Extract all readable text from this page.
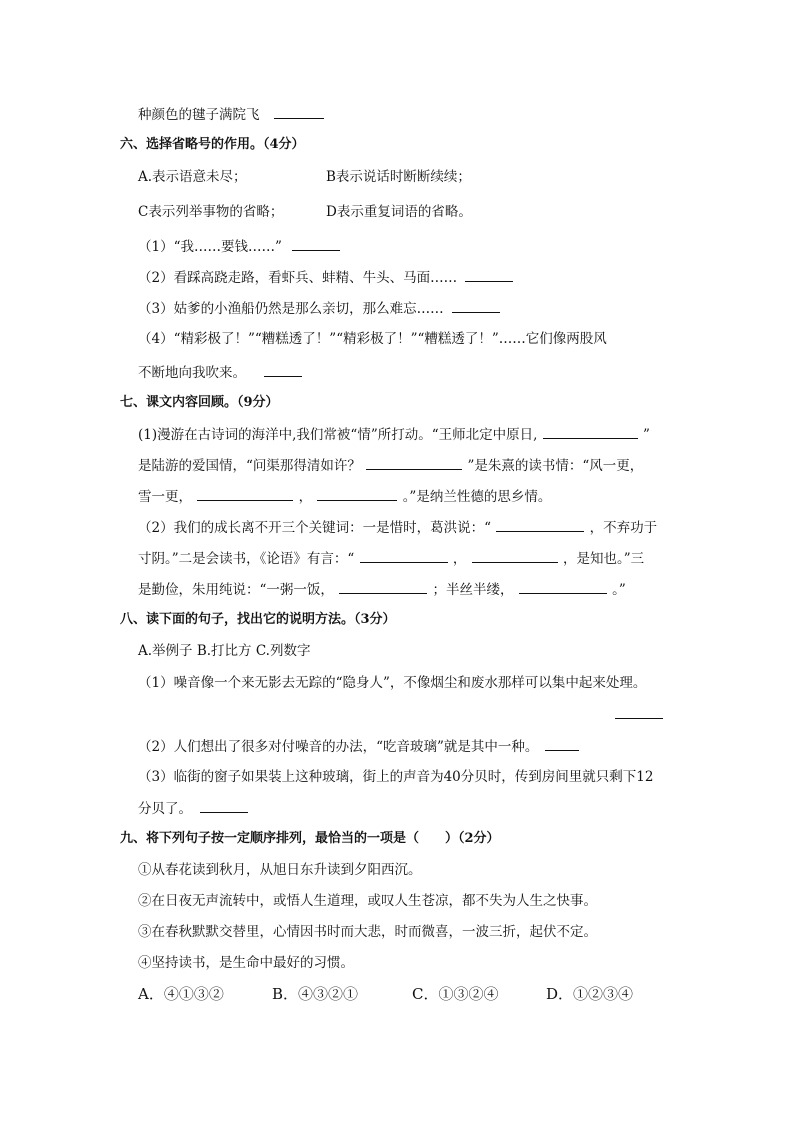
种颜色的毽子满院飞
六、选择省略号的作用。（4分）
A.表示语意未尽；	B表示说话时断断续续；
C表示列举事物的省略；	D表示重复词语的省略。
（1）“我……要钱……”
（2）看踩高跷走路，看虾兵、蚌精、牛头、马面……
（3）姑爹的小渔船仍然是那么亲切，那么难忘……
（4）“精彩极了！”“糟糕透了！”“精彩极了！”“糟糕透了！”……它们像两股风
不断地向我吹来。
七、课文内容回顾。（9分）
(1)漫游在古诗词的海洋中,我们常被“情”所打动。“王师北定中原日,	”
是陆游的爱国情，“问渠那得清如许？	”是朱熹的读书情：“风一更，
雪一更，	，	。”是纳兰性德的思乡情。
（2）我们的成长离不开三个关键词：一是惜时，葛洪说：“	，不弃功于
寸阴。”二是会读书，《论语》有言：“	，	，是知也。”三
是勤俭，朱用纯说：“一粥一饭，	；半丝半缕，	。”
八、读下面的句子，找出它的说明方法。（3分）
A.举例子 B.打比方 C.列数字
（1）噪音像一个来无影去无踪的“隐身人”，不像烟尘和废水那样可以集中起来处理。
（2）人们想出了很多对付噪音的办法，“吃音玻璃”就是其中一种。
（3）临街的窗子如果装上这种玻璃，街上的声音为40分贝时，传到房间里就只剩下12
分贝了。
九、将下列句子按一定顺序排列，最恰当的一项是（　　）（2分）
①从春花读到秋月，从旭日东升读到夕阳西沉。
②在日夜无声流转中，或悟人生道理，或叹人生苍凉，都不失为人生之快事。
③在春秋默默交替里，心情因书时而大悲，时而微喜，一波三折，起伏不定。
④坚持读书，是生命中最好的习惯。
A．④①③②	B．④③②①	C．①③②④	D．①②③④
